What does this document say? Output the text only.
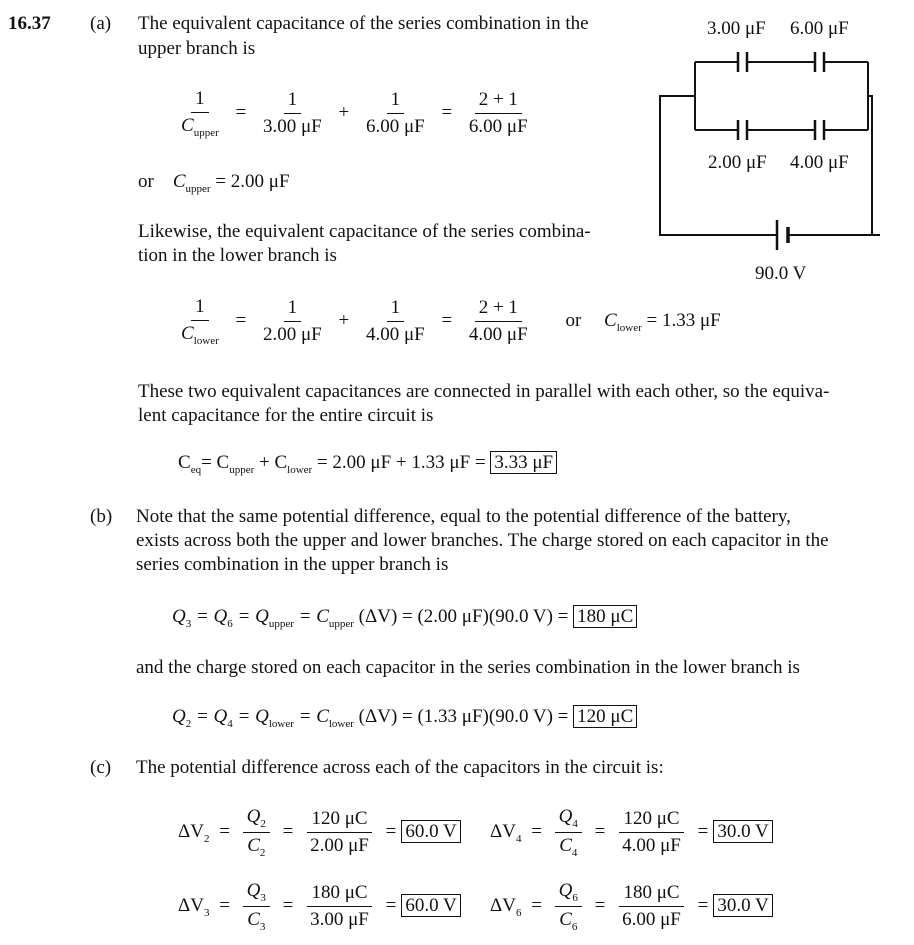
16.37 (a) The equivalent capacitance of the series combination in the
upper branch is
$\frac{1}{C_{upper}} = \frac{1}{3.00 \mu F} + \frac{1}{6.00 \mu F} = \frac{2 + 1}{6.00 \mu F}$
or $C_{upper} = 2.00$ μF
Likewise, the equivalent capacitance of the series combina-
tion in the lower branch is
$\frac{1}{C_{lower}} = \frac{1}{2.00 \mu F} + \frac{1}{4.00 \mu F} = \frac{2 + 1}{4.00 \mu F}$ or $C_{lower} = 1.33$ μF
These two equivalent capacitances are connected in parallel with each other, so the equiva-
lent capacitance for the entire circuit is
$C_{eq} = C_{upper} + C_{lower} = 2.00$ μF + 1.33 μF = 3.33 μF
(b) Note that the same potential difference, equal to the potential difference of the battery,
exists across both the upper and lower branches. The charge stored on each capacitor in the
series combination in the upper branch is
$Q_3 = Q_6 = Q_{upper} = C_{upper}$ (ΔV) = (2.00 μF)(90.0 V) = 180 μC
and the charge stored on each capacitor in the series combination in the lower branch is
$Q_2 = Q_4 = Q_{lower} = C_{lower}$ (ΔV) = (1.33 μF)(90.0 V) = 120 μC
(c) The potential difference across each of the capacitors in the circuit is:
$\Delta V_2 = \frac{Q_2}{C_2} = \frac{120 \mu C}{2.00 \mu F} = 60.0$ V $\Delta V_4 = \frac{Q_4}{C_4} = \frac{120 \mu C}{4.00 \mu F} = 30.0$ V
$\Delta V_3 = \frac{Q_3}{C_3} = \frac{180 \mu C}{3.00 \mu F} = 60.0$ V $\Delta V_6 = \frac{Q_6}{C_6} = \frac{180 \mu C}{6.00 \mu F} = 30.0$ V
3.00 μF 6.00 μF
2.00 μF 4.00 μF
90.0 V
